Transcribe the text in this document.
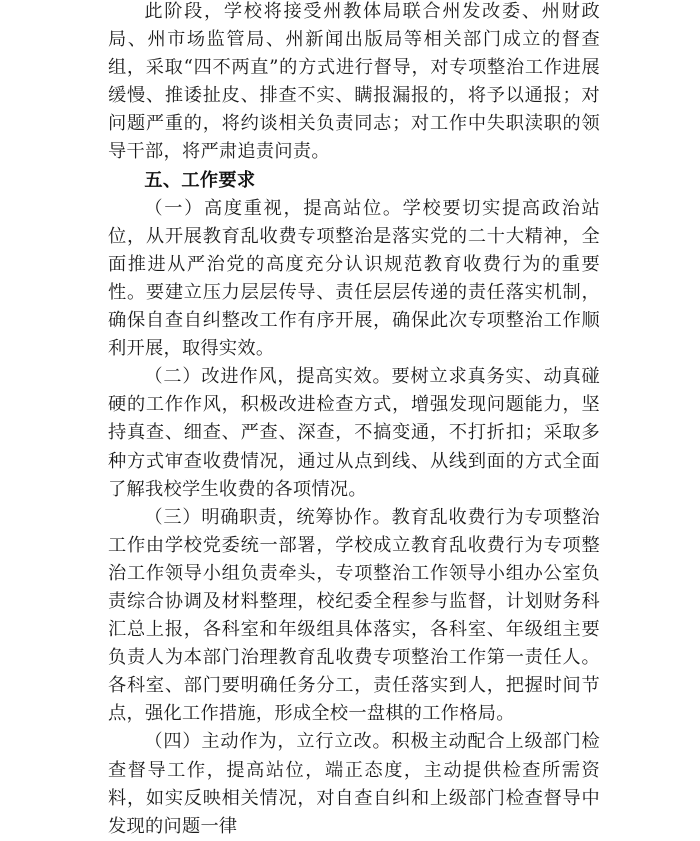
此阶段，学校将接受州教体局联合州发改委、州财政局、州市场监管局、州新闻出版局等相关部门成立的督查组，采取“四不两直”的方式进行督导，对专项整治工作进展缓慢、推诿扯皮、排查不实、瞒报漏报的，将予以通报；对问题严重的，将约谈相关负责同志；对工作中失职渎职的领导干部，将严肃追责问责。

五、工作要求

（一）高度重视，提高站位。学校要切实提高政治站位，从开展教育乱收费专项整治是落实党的二十大精神，全面推进从严治党的高度充分认识规范教育收费行为的重要性。要建立压力层层传导、责任层层传递的责任落实机制，确保自查自纠整改工作有序开展，确保此次专项整治工作顺利开展，取得实效。

（二）改进作风，提高实效。要树立求真务实、动真碰硬的工作作风，积极改进检查方式，增强发现问题能力，坚持真查、细查、严查、深查，不搞变通，不打折扣；采取多种方式审查收费情况，通过从点到线、从线到面的方式全面了解我校学生收费的各项情况。

（三）明确职责，统筹协作。教育乱收费行为专项整治工作由学校党委统一部署，学校成立教育乱收费行为专项整治工作领导小组负责牵头，专项整治工作领导小组办公室负责综合协调及材料整理，校纪委全程参与监督，计划财务科汇总上报，各科室和年级组具体落实，各科室、年级组主要负责人为本部门治理教育乱收费专项整治工作第一责任人。各科室、部门要明确任务分工，责任落实到人，把握时间节点，强化工作措施，形成全校一盘棋的工作格局。

（四）主动作为，立行立改。积极主动配合上级部门检查督导工作，提高站位，端正态度，主动提供检查所需资料，如实反映相关情况，对自查自纠和上级部门检查督导中发现的问题一律
